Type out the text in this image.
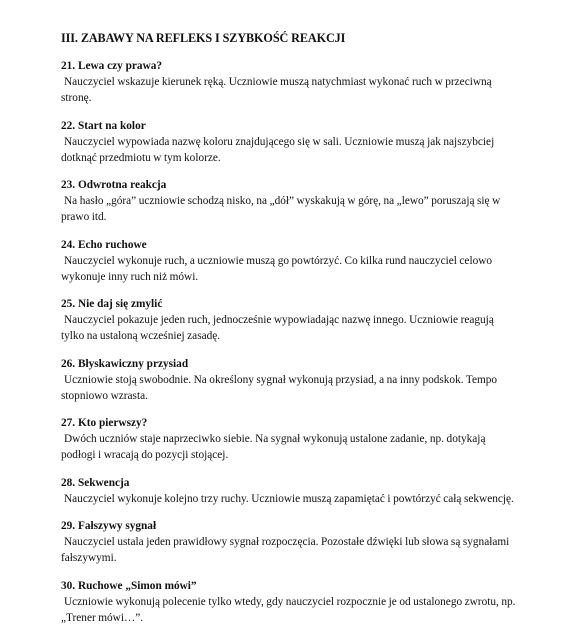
III. ZABAWY NA REFLEKS I SZYBKOŚĆ REAKCJI

21. Lewa czy prawa?

Nauczyciel wskazuje kierunek ręką. Uczniowie muszą natychmiast wykonać ruch w przeciwną stronę.

22. Start na kolor

Nauczyciel wypowiada nazwę koloru znajdującego się w sali. Uczniowie muszą jak najszybciej dotknąć przedmiotu w tym kolorze.

23. Odwrotna reakcja

Na hasło „góra” uczniowie schodzą nisko, na „dół” wyskakują w górę, na „lewo” poruszają się w prawo itd.

24. Echo ruchowe

Nauczyciel wykonuje ruch, a uczniowie muszą go powtórzyć. Co kilka rund nauczyciel celowo wykonuje inny ruch niż mówi.

25. Nie daj się zmylić

Nauczyciel pokazuje jeden ruch, jednocześnie wypowiadając nazwę innego. Uczniowie reagują tylko na ustaloną wcześniej zasadę.

26. Błyskawiczny przysiad

Uczniowie stoją swobodnie. Na określony sygnał wykonują przysiad, a na inny podskok. Tempo stopniowo wzrasta.

27. Kto pierwszy?

Dwóch uczniów staje naprzeciwko siebie. Na sygnał wykonują ustalone zadanie, np. dotykają podłogi i wracają do pozycji stojącej.

28. Sekwencja

Nauczyciel wykonuje kolejno trzy ruchy. Uczniowie muszą zapamiętać i powtórzyć całą sekwencję.

29. Fałszywy sygnał

Nauczyciel ustala jeden prawidłowy sygnał rozpoczęcia. Pozostałe dźwięki lub słowa są sygnałami fałszywymi.

30. Ruchowe „Simon mówi”

Uczniowie wykonują polecenie tylko wtedy, gdy nauczyciel rozpocznie je od ustalonego zwrotu, np. „Trener mówi…”.
